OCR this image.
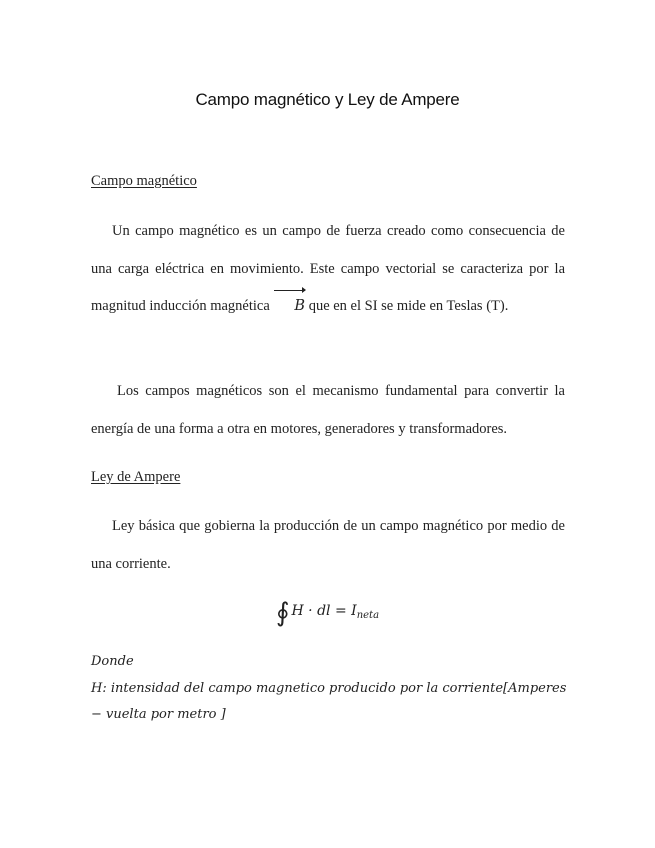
Campo magnético y Ley de Ampere
Campo magnético
Un campo magnético es un campo de fuerza creado como consecuencia de una carga eléctrica en movimiento. Este campo vectorial se caracteriza por la magnitud inducción magnética B que en el SI se mide en Teslas (T).
Los campos magnéticos son el mecanismo fundamental para convertir la energía de una forma a otra en motores, generadores y transformadores.
Ley de Ampere
Ley básica que gobierna la producción de un campo magnético por medio de una corriente.
∮ H · dl = $I_{neta}$
Donde
H: intensidad del campo magnetico producido por la corriente[Amperes
− vuelta por metro ]
